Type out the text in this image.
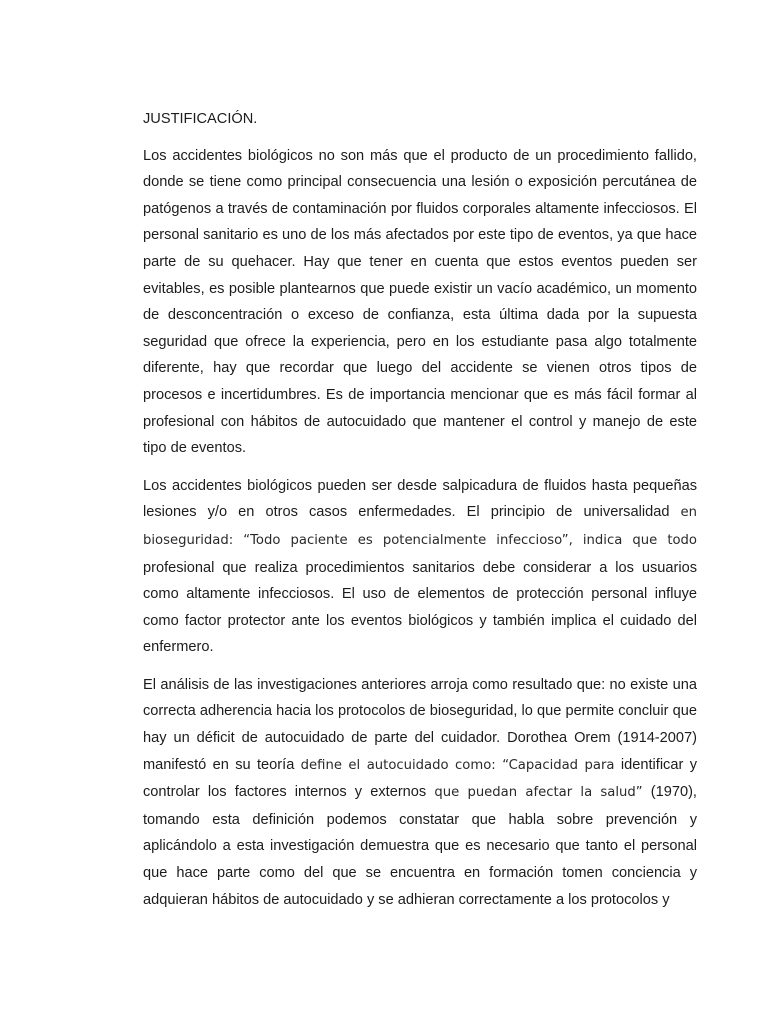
JUSTIFICACIÓN.

Los accidentes biológicos no son más que el producto de un procedimiento fallido, donde se tiene como principal consecuencia una lesión o exposición percutánea de patógenos a través de contaminación por fluidos corporales altamente infecciosos. El personal sanitario es uno de los más afectados por este tipo de eventos, ya que hace parte de su quehacer. Hay que tener en cuenta que estos eventos pueden ser evitables, es posible plantearnos que puede existir un vacío académico, un momento de desconcentración o exceso de confianza, esta última dada por la supuesta seguridad que ofrece la experiencia, pero en los estudiante pasa algo totalmente diferente, hay que recordar que luego del accidente se vienen otros tipos de procesos e incertidumbres. Es de importancia mencionar que es más fácil formar al profesional con hábitos de autocuidado que mantener el control y manejo de este tipo de eventos.

Los accidentes biológicos pueden ser desde salpicadura de fluidos hasta pequeñas lesiones y/o en otros casos enfermedades. El principio de universalidad en bioseguridad: “Todo paciente es potencialmente infeccioso”, indica que todo profesional que realiza procedimientos sanitarios debe considerar a los usuarios como altamente infecciosos. El uso de elementos de protección personal influye como factor protector ante los eventos biológicos y también implica el cuidado del enfermero.

El análisis de las investigaciones anteriores arroja como resultado que: no existe una correcta adherencia hacia los protocolos de bioseguridad, lo que permite concluir que hay un déficit de autocuidado de parte del cuidador. Dorothea Orem (1914-2007) manifestó en su teoría define el autocuidado como: “Capacidad para identificar y controlar los factores internos y externos que puedan afectar la salud” (1970), tomando esta definición podemos constatar que habla sobre prevención y aplicándolo a esta investigación demuestra que es necesario que tanto el personal que hace parte como del que se encuentra en formación tomen conciencia y adquieran hábitos de autocuidado y se adhieran correctamente a los protocolos y
